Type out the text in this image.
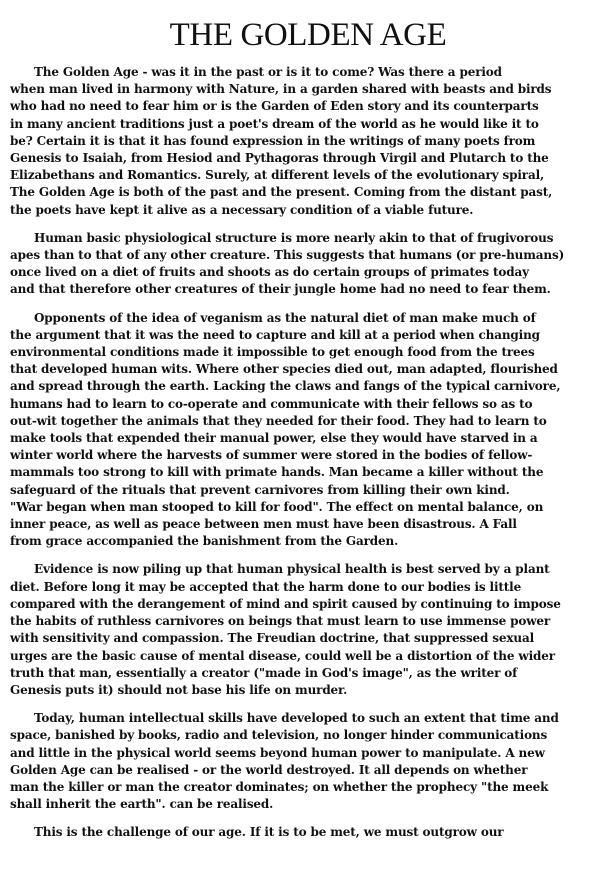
THE GOLDEN AGE
The Golden Age - was it in the past or is it to come? Was there a period
when man lived in harmony with Nature, in a garden shared with beasts and birds
who had no need to fear him or is the Garden of Eden story and its counterparts
in many ancient traditions just a poet's dream of the world as he would like it to
be? Certain it is that it has found expression in the writings of many poets from
Genesis to Isaiah, from Hesiod and Pythagoras through Virgil and Plutarch to the
Elizabethans and Romantics. Surely, at different levels of the evolutionary spiral,
The Golden Age is both of the past and the present. Coming from the distant past,
the poets have kept it alive as a necessary condition of a viable future.
Human basic physiological structure is more nearly akin to that of frugivorous
apes than to that of any other creature. This suggests that humans (or pre-humans)
once lived on a diet of fruits and shoots as do certain groups of primates today
and that therefore other creatures of their jungle home had no need to fear them.
Opponents of the idea of veganism as the natural diet of man make much of
the argument that it was the need to capture and kill at a period when changing
environmental conditions made it impossible to get enough food from the trees
that developed human wits. Where other species died out, man adapted, flourished
and spread through the earth. Lacking the claws and fangs of the typical carnivore,
humans had to learn to co-operate and communicate with their fellows so as to
out-wit together the animals that they needed for their food. They had to learn to
make tools that expended their manual power, else they would have starved in a
winter world where the harvests of summer were stored in the bodies of fellow-
mammals too strong to kill with primate hands. Man became a killer without the
safeguard of the rituals that prevent carnivores from killing their own kind.
"War began when man stooped to kill for food". The effect on mental balance, on
inner peace, as well as peace between men must have been disastrous. A Fall
from grace accompanied the banishment from the Garden.
Evidence is now piling up that human physical health is best served by a plant
diet. Before long it may be accepted that the harm done to our bodies is little
compared with the derangement of mind and spirit caused by continuing to impose
the habits of ruthless carnivores on beings that must learn to use immense power
with sensitivity and compassion. The Freudian doctrine, that suppressed sexual
urges are the basic cause of mental disease, could well be a distortion of the wider
truth that man, essentially a creator ("made in God's image", as the writer of
Genesis puts it) should not base his life on murder.
Today, human intellectual skills have developed to such an extent that time and
space, banished by books, radio and television, no longer hinder communications
and little in the physical world seems beyond human power to manipulate. A new
Golden Age can be realised - or the world destroyed. It all depends on whether
man the killer or man the creator dominates; on whether the prophecy "the meek
shall inherit the earth". can be realised.
This is the challenge of our age. If it is to be met, we must outgrow our
